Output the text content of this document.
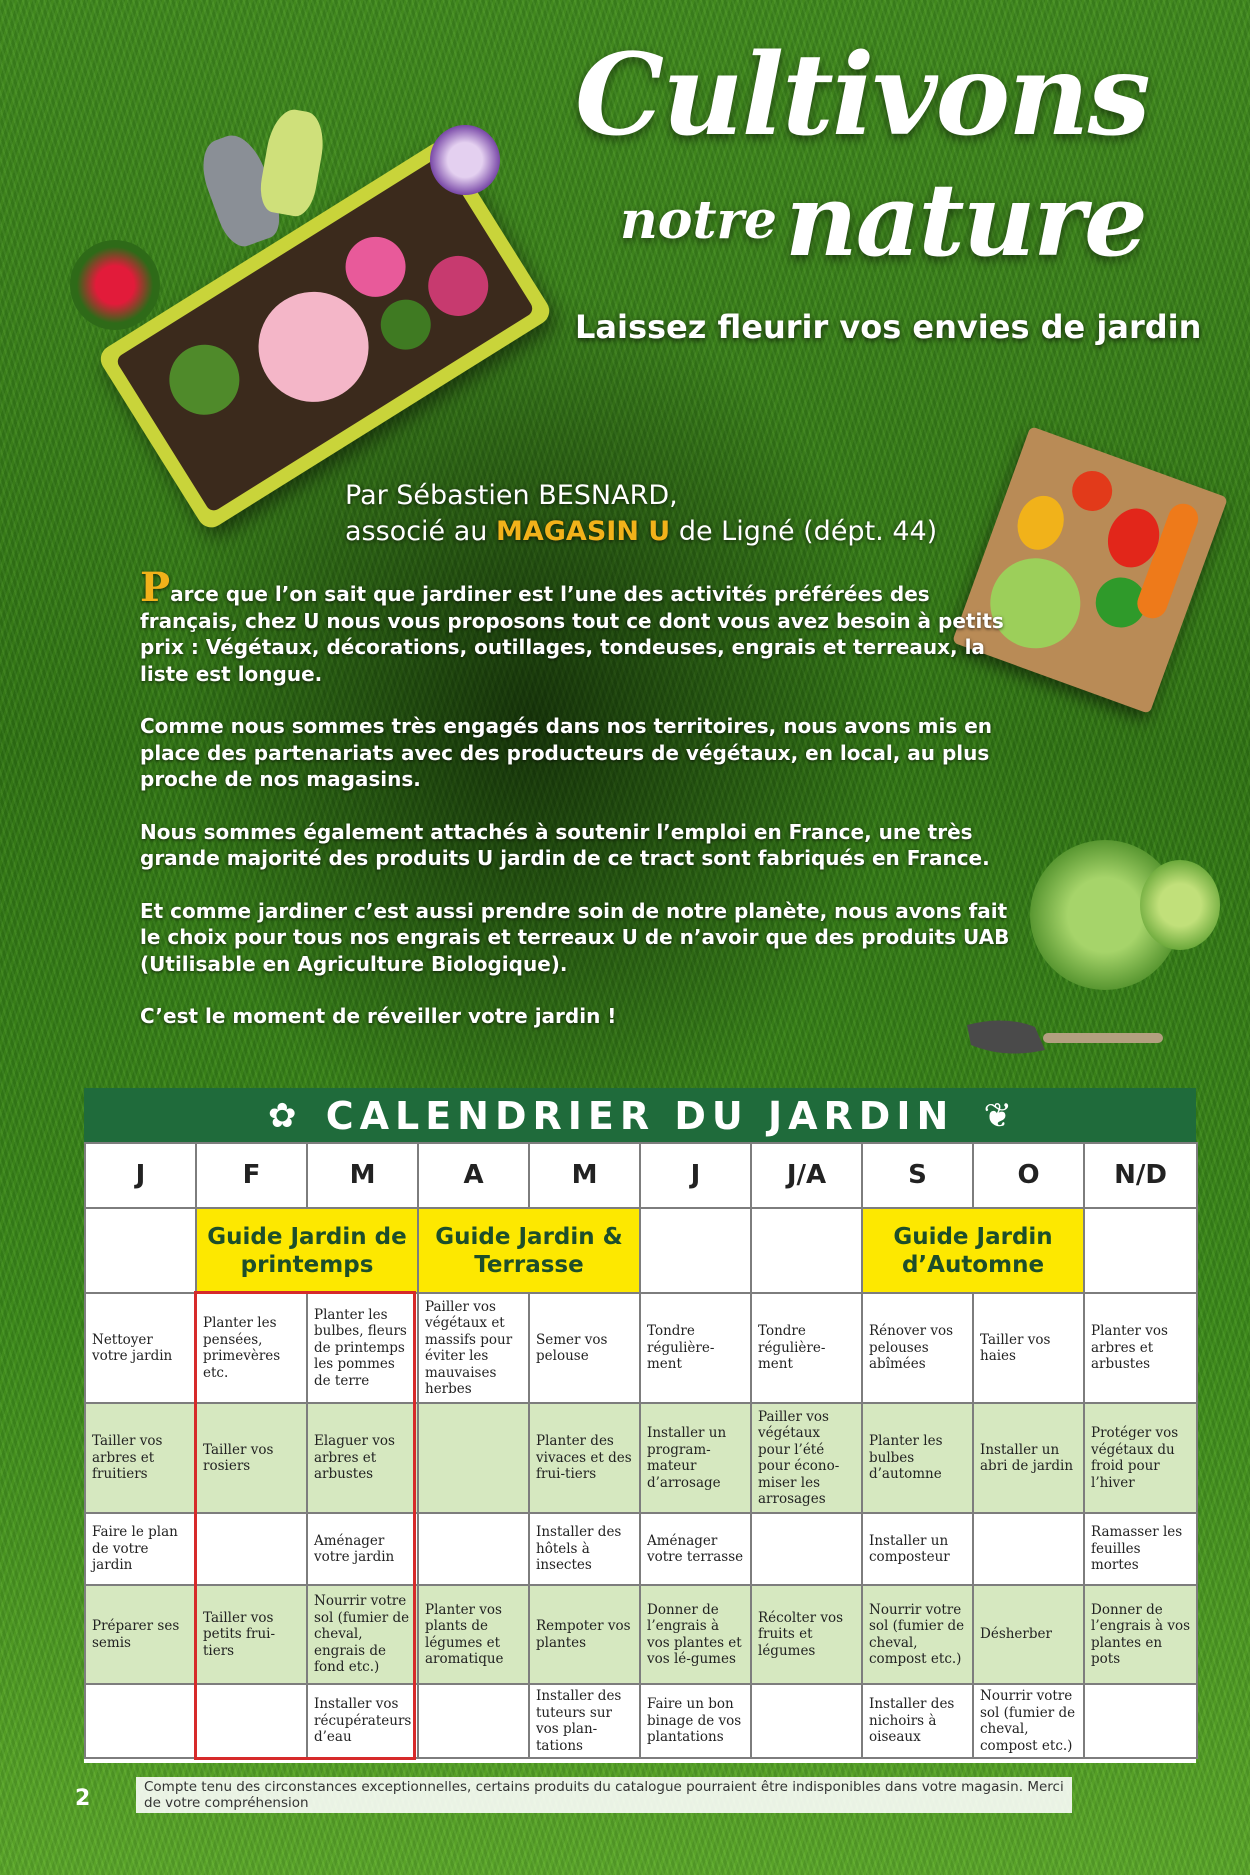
Cultivons
notre nature
Laissez fleurir vos envies de jardin
Par Sébastien BESNARD,
associé au MAGASIN U de Ligné (dépt. 44)

Parce que l’on sait que jardiner est l’une des activités préférées des français, chez U nous vous proposons tout ce dont vous avez besoin à petits prix : Végétaux, décorations, outillages, tondeuses, engrais et terreaux, la liste est longue.

Comme nous sommes très engagés dans nos territoires, nous avons mis en place des partenariats avec des producteurs de végétaux, en local, au plus proche de nos magasins.

Nous sommes également attachés à soutenir l’emploi en France, une très grande majorité des produits U jardin de ce tract sont fabriqués en France.

Et comme jardiner c’est aussi prendre soin de notre planète, nous avons fait le choix pour tous nos engrais et terreaux U de n’avoir que des produits UAB (Utilisable en Agriculture Biologique).

C’est le moment de réveiller votre jardin !

✿ CALENDRIER DU JARDIN ❦
J	F	M	A	M	J	J/A	S	O	N/D
	Guide Jardin de printemps		Guide Jardin & Terrasse				Guide Jardin d’Automne		
Nettoyer votre jardin	Planter les pensées, primevères etc.	Planter les bulbes, fleurs de printemps les pommes de terre	Pailler vos végétaux et massifs pour éviter les mauvaises herbes	Semer vos pelouse	Tondre régulière-ment	Tondre régulière-ment	Rénover vos pelouses abîmées	Tailler vos haies	Planter vos arbres et arbustes
Tailler vos arbres et fruitiers	Tailler vos rosiers	Elaguer vos arbres et arbustes		Planter des vivaces et des frui-tiers	Installer un program-mateur d’arrosage	Pailler vos végétaux pour l’été pour écono-miser les arrosages	Planter les bulbes d’automne	Installer un abri de jardin	Protéger vos végétaux du froid pour l’hiver
Faire le plan de votre jardin		Aménager votre jardin		Installer des hôtels à insectes	Aménager votre terrasse		Installer un composteur		Ramasser les feuilles mortes
Préparer ses semis	Tailler vos petits frui-tiers	Nourrir votre sol (fumier de cheval, engrais de fond etc.)	Planter vos plants de légumes et aromatique	Rempoter vos plantes	Donner de l’engrais à vos plantes et vos lé-gumes	Récolter vos fruits et légumes	Nourrir votre sol (fumier de cheval, compost etc.)	Désherber	Donner de l’engrais à vos plantes en pots
		Installer vos récupérateurs d’eau		Installer des tuteurs sur vos plan-tations	Faire un bon binage de vos plantations		Installer des nichoirs à oiseaux	Nourrir votre sol (fumier de cheval, compost etc.)	
2	Compte tenu des circonstances exceptionnelles, certains produits du catalogue pourraient être indisponibles dans votre magasin. Merci de votre compréhension
